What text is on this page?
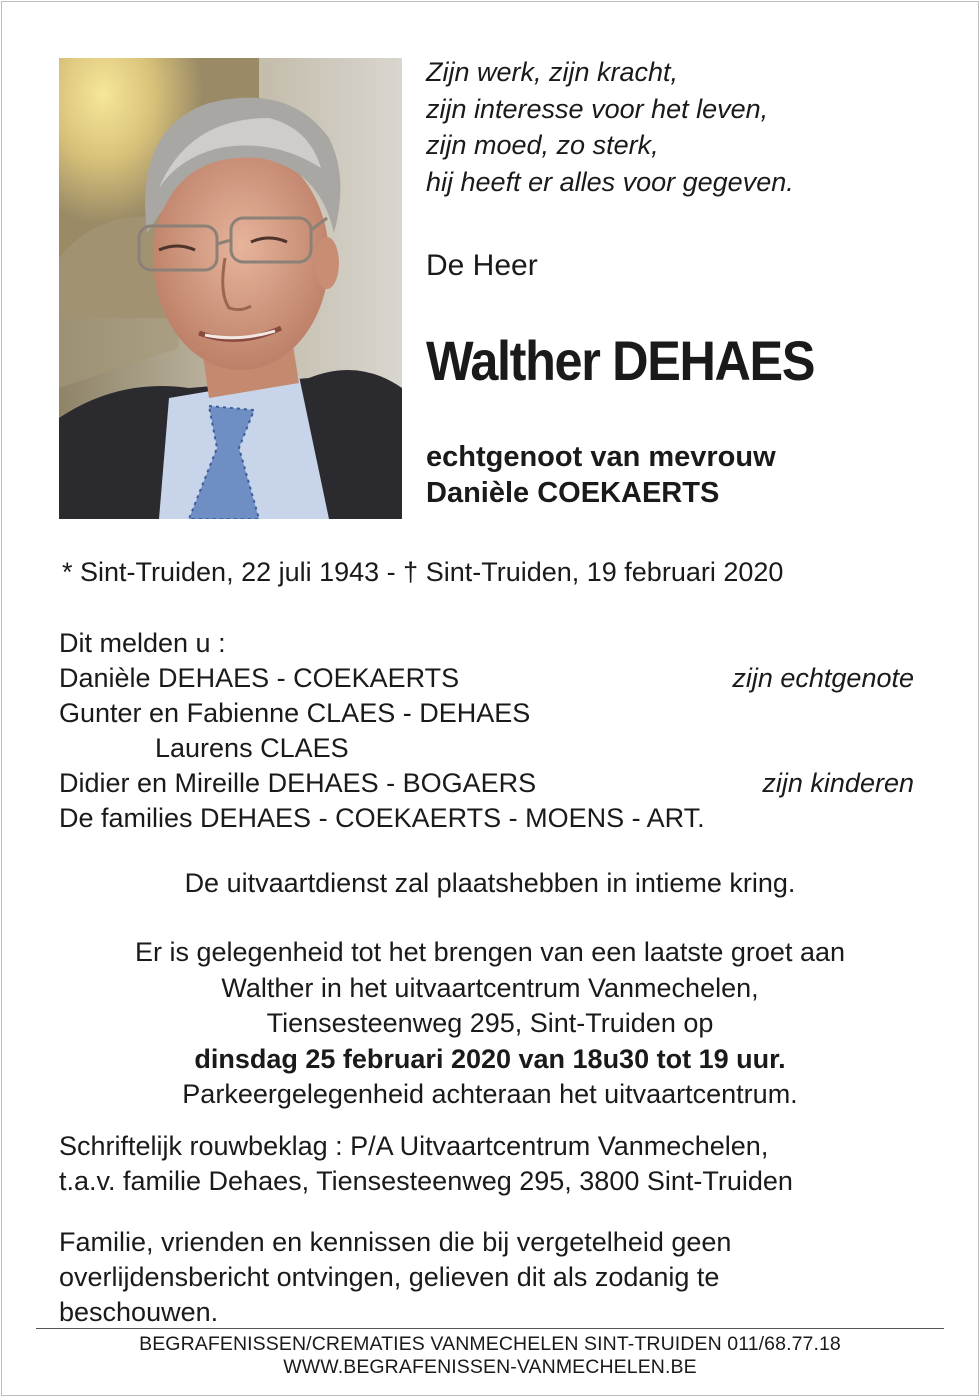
Zijn werk, zijn kracht,
zijn interesse voor het leven,
zijn moed, zo sterk,
hij heeft er alles voor gegeven.
De Heer
Walther DEHAES
echtgenoot van mevrouw
Danièle COEKAERTS
* Sint-Truiden, 22 juli 1943 - † Sint-Truiden, 19 februari 2020
Dit melden u :
Danièle DEHAES - COEKAERTS	zijn echtgenote
Gunter en Fabienne CLAES - DEHAES
Laurens CLAES
Didier en Mireille DEHAES - BOGAERS	zijn kinderen
De families DEHAES - COEKAERTS - MOENS - ART.
De uitvaartdienst zal plaatshebben in intieme kring.
Er is gelegenheid tot het brengen van een laatste groet aan
Walther in het uitvaartcentrum Vanmechelen,
Tiensesteenweg 295, Sint-Truiden op
dinsdag 25 februari 2020 van 18u30 tot 19 uur.
Parkeergelegenheid achteraan het uitvaartcentrum.
Schriftelijk rouwbeklag : P/A Uitvaartcentrum Vanmechelen,
t.a.v. familie Dehaes, Tiensesteenweg 295, 3800 Sint-Truiden
Familie, vrienden en kennissen die bij vergetelheid geen
overlijdensbericht ontvingen, gelieven dit als zodanig te
beschouwen.
BEGRAFENISSEN/CREMATIES VANMECHELEN SINT-TRUIDEN 011/68.77.18
WWW.BEGRAFENISSEN-VANMECHELEN.BE
